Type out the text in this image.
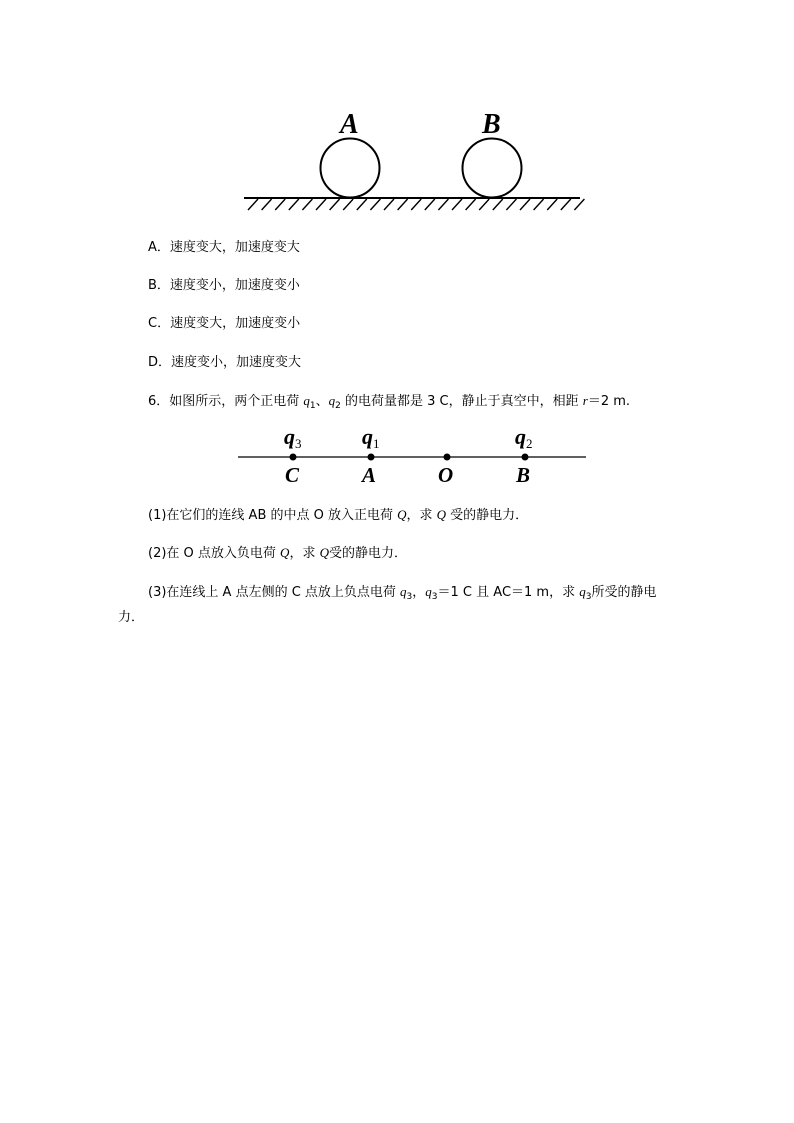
A	B
A．速度变大，加速度变大
B．速度变小，加速度变小
C．速度变大，加速度变小
D．速度变小，加速度变大
6．如图所示，两个正电荷 $q_1$、$q_2$ 的电荷量都是 3 C，静止于真空中，相距 r＝2 m.
q3	q1	q2
C	A	O	B
(1)在它们的连线 AB 的中点 O 放入正电荷 Q，求 Q 受的静电力．
(2)在 O 点放入负电荷 Q，求 Q受的静电力．
(3)在连线上 A 点左侧的 C 点放上负点电荷 $q_3$，$q_3=1$ C 且 AC＝1 m，求 $q_3$所受的静电
力．
